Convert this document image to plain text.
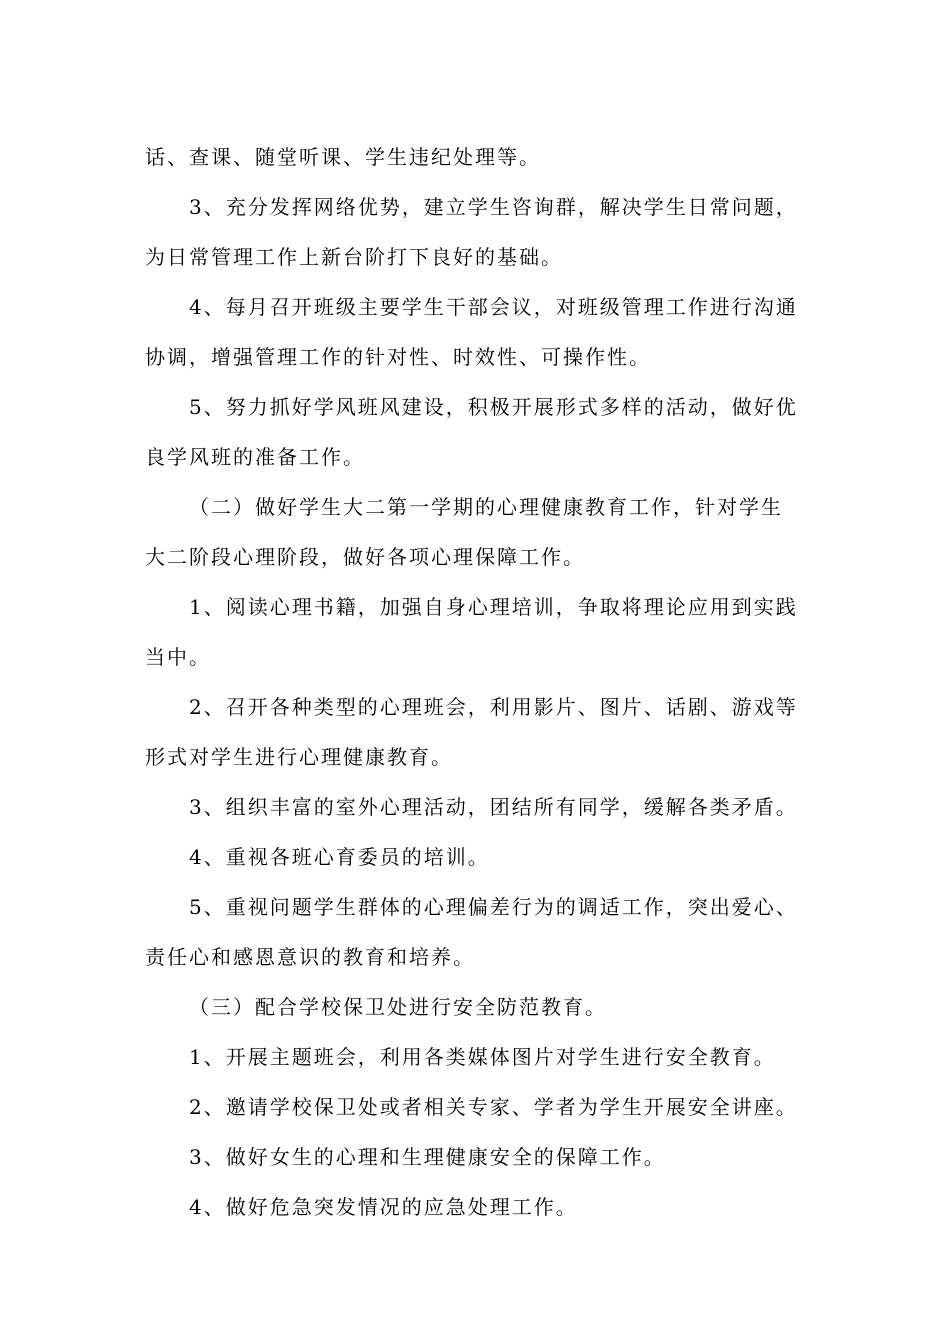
话、查课、随堂听课、学生违纪处理等。
3、充分发挥网络优势，建立学生咨询群，解决学生日常问题，
为日常管理工作上新台阶打下良好的基础。
4、每月召开班级主要学生干部会议，对班级管理工作进行沟通
协调，增强管理工作的针对性、时效性、可操作性。
5、努力抓好学风班风建设，积极开展形式多样的活动，做好优
良学风班的准备工作。
（二）做好学生大二第一学期的心理健康教育工作，针对学生
大二阶段心理阶段，做好各项心理保障工作。
1、阅读心理书籍，加强自身心理培训，争取将理论应用到实践
当中。
2、召开各种类型的心理班会，利用影片、图片、话剧、游戏等
形式对学生进行心理健康教育。
3、组织丰富的室外心理活动，团结所有同学，缓解各类矛盾。
4、重视各班心育委员的培训。
5、重视问题学生群体的心理偏差行为的调适工作，突出爱心、
责任心和感恩意识的教育和培养。
（三）配合学校保卫处进行安全防范教育。
1、开展主题班会，利用各类媒体图片对学生进行安全教育。
2、邀请学校保卫处或者相关专家、学者为学生开展安全讲座。
3、做好女生的心理和生理健康安全的保障工作。
4、做好危急突发情况的应急处理工作。
